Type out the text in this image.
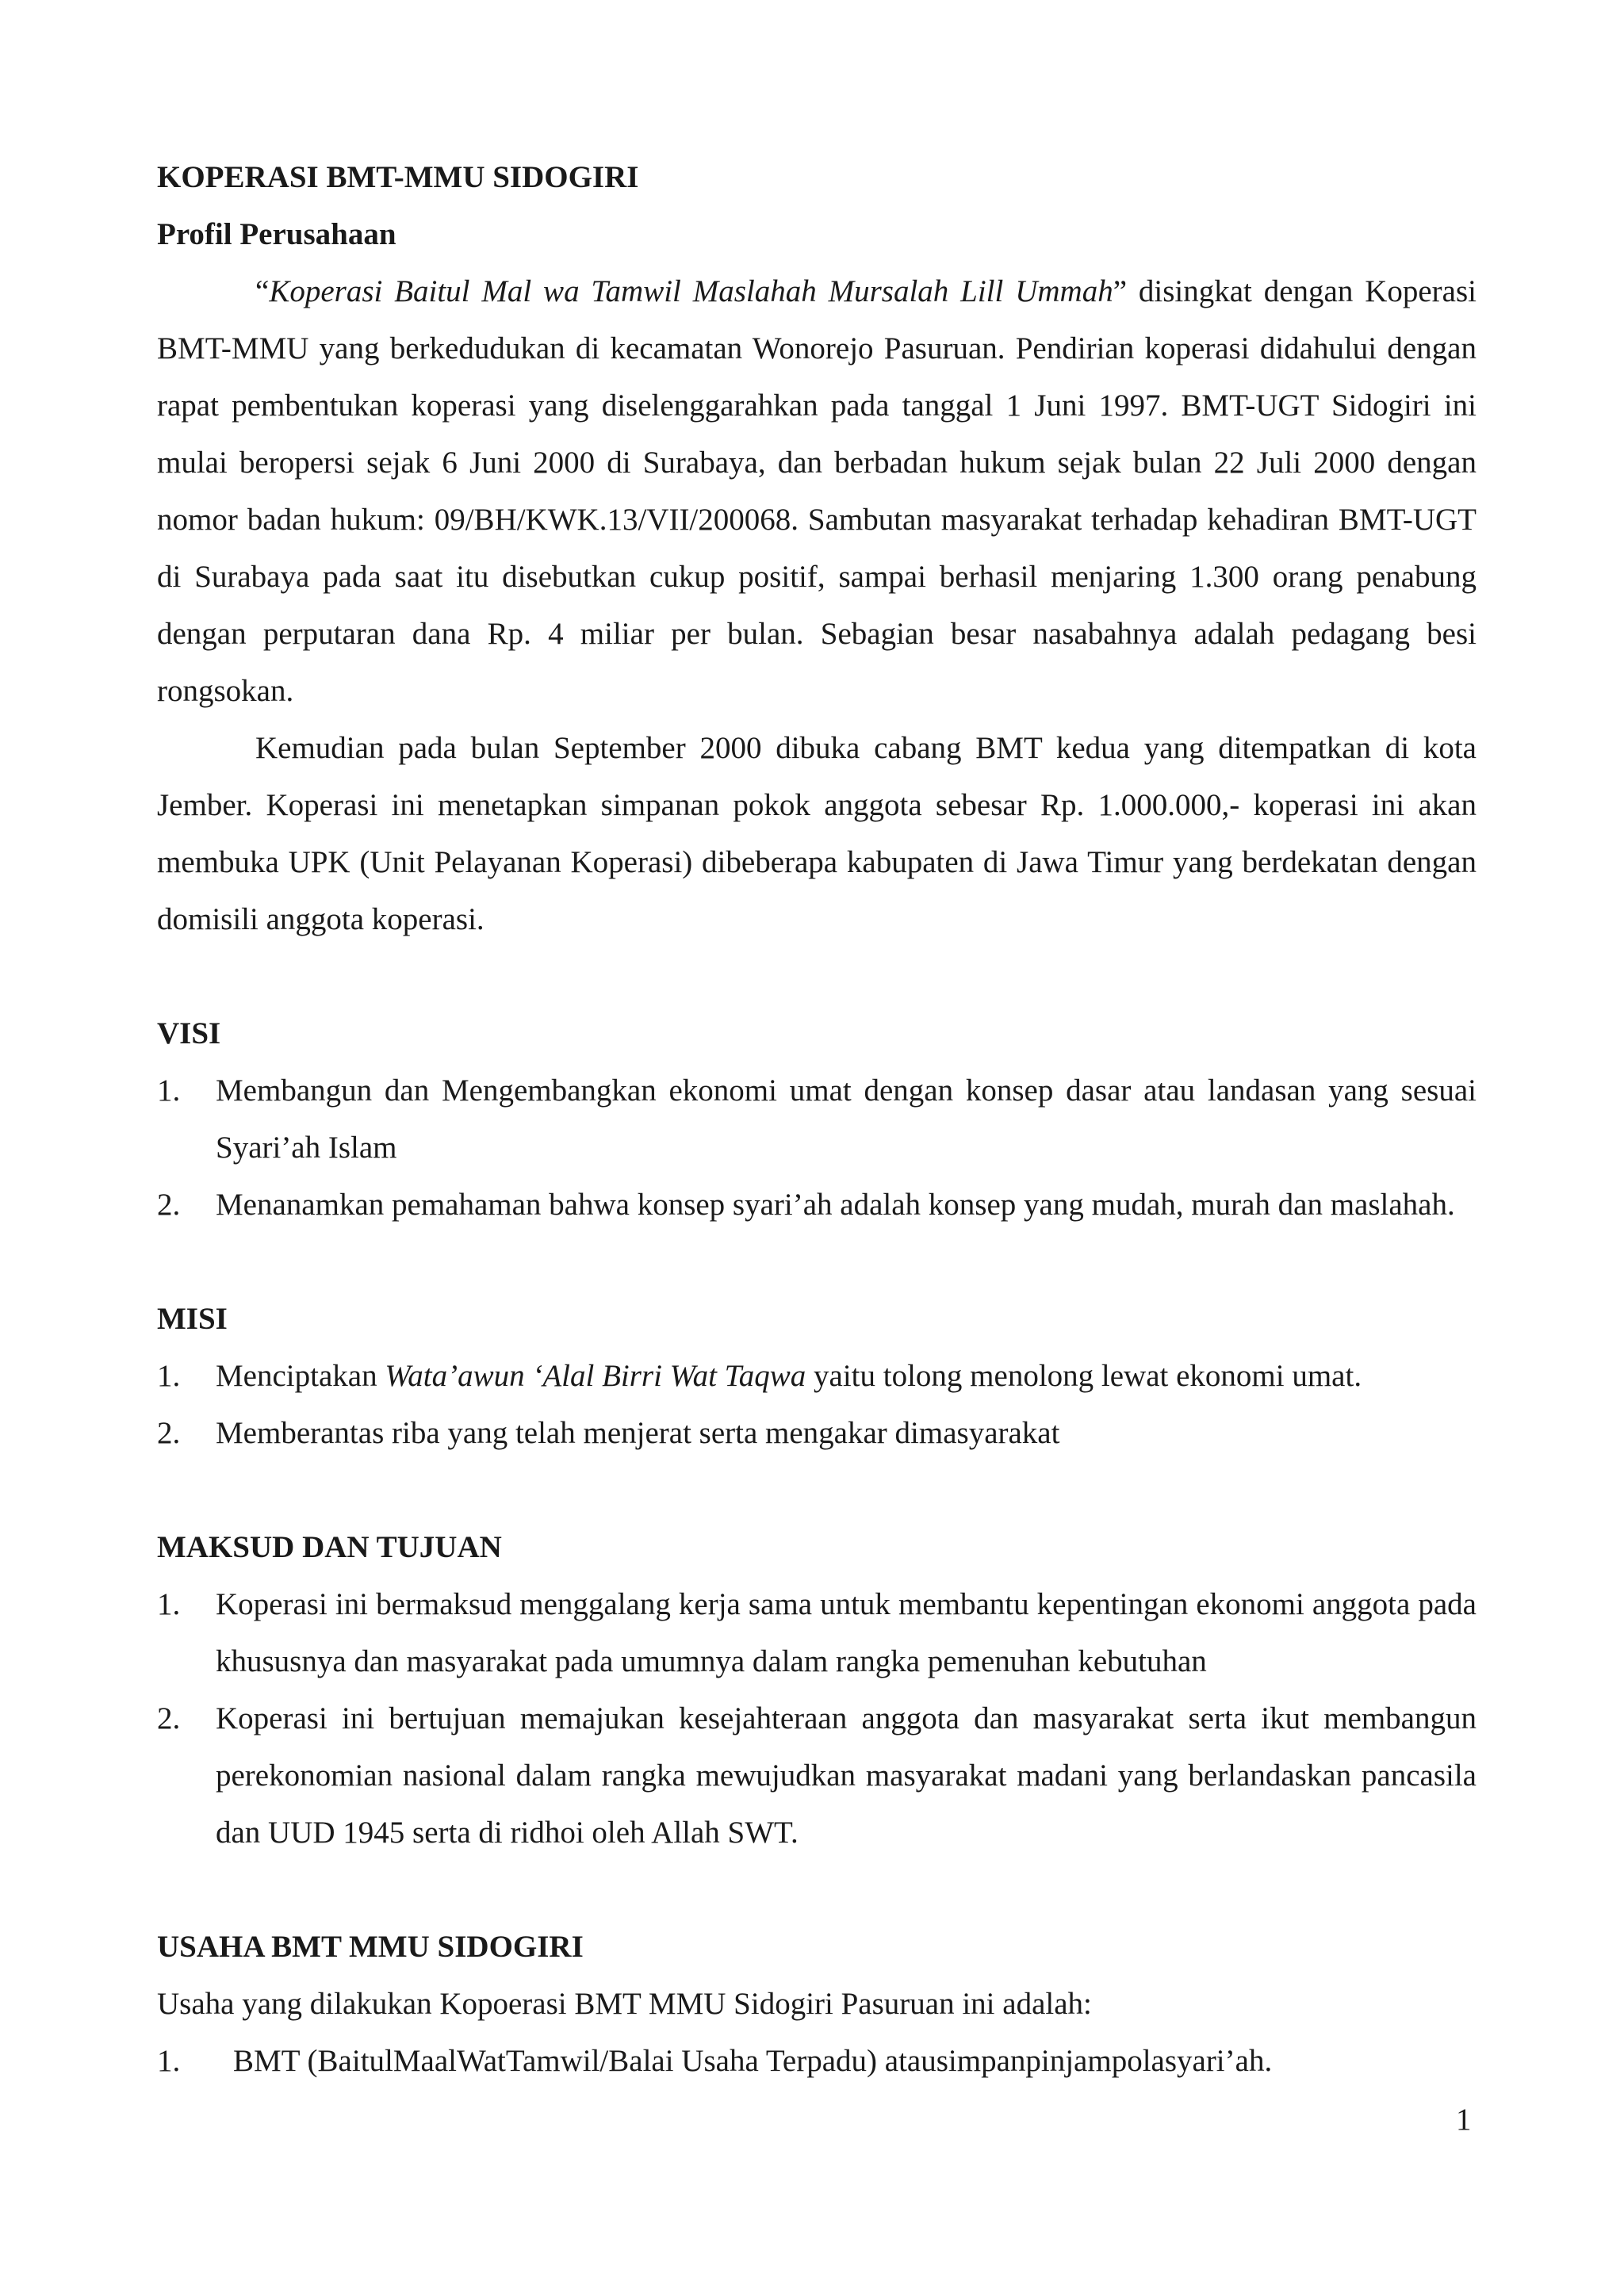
KOPERASI BMT-MMU SIDOGIRI

Profil Perusahaan

“Koperasi Baitul Mal wa Tamwil Maslahah Mursalah Lill Ummah” disingkat dengan Koperasi BMT-MMU yang berkedudukan di kecamatan Wonorejo Pasuruan. Pendirian koperasi didahului dengan rapat pembentukan koperasi yang diselenggarahkan pada tanggal 1 Juni 1997. BMT-UGT Sidogiri ini mulai beropersi sejak 6 Juni 2000 di Surabaya, dan berbadan hukum sejak bulan 22 Juli 2000 dengan nomor badan hukum: 09/BH/KWK.13/VII/200068. Sambutan masyarakat terhadap kehadiran BMT-UGT di Surabaya pada saat itu disebutkan cukup positif, sampai berhasil menjaring 1.300 orang penabung dengan perputaran dana Rp. 4 miliar per bulan. Sebagian besar nasabahnya adalah pedagang besi rongsokan.

Kemudian pada bulan September 2000 dibuka cabang BMT kedua yang ditempatkan di kota Jember. Koperasi ini menetapkan simpanan pokok anggota sebesar Rp. 1.000.000,- koperasi ini akan membuka UPK (Unit Pelayanan Koperasi) dibeberapa kabupaten di Jawa Timur yang berdekatan dengan domisili anggota koperasi.

VISI

1. Membangun dan Mengembangkan ekonomi umat dengan konsep dasar atau landasan yang sesuai Syari’ah Islam
2. Menanamkan pemahaman bahwa konsep syari’ah adalah konsep yang mudah, murah dan maslahah.

MISI

1. Menciptakan Wata’awun ‘Alal Birri Wat Taqwa yaitu tolong menolong lewat ekonomi umat.
2. Memberantas riba yang telah menjerat serta mengakar dimasyarakat

MAKSUD DAN TUJUAN

1. Koperasi ini bermaksud menggalang kerja sama untuk membantu kepentingan ekonomi anggota pada khususnya dan masyarakat pada umumnya dalam rangka pemenuhan kebutuhan
2. Koperasi ini bertujuan memajukan kesejahteraan anggota dan masyarakat serta ikut membangun perekonomian nasional dalam rangka mewujudkan masyarakat madani yang berlandaskan pancasila dan UUD 1945 serta di ridhoi oleh Allah SWT.

USAHA BMT MMU SIDOGIRI

Usaha yang dilakukan Kopoerasi BMT MMU Sidogiri Pasuruan ini adalah:

1. BMT (BaitulMaalWatTamwil/Balai Usaha Terpadu) atausimpanpinjampolasyari’ah.
1
